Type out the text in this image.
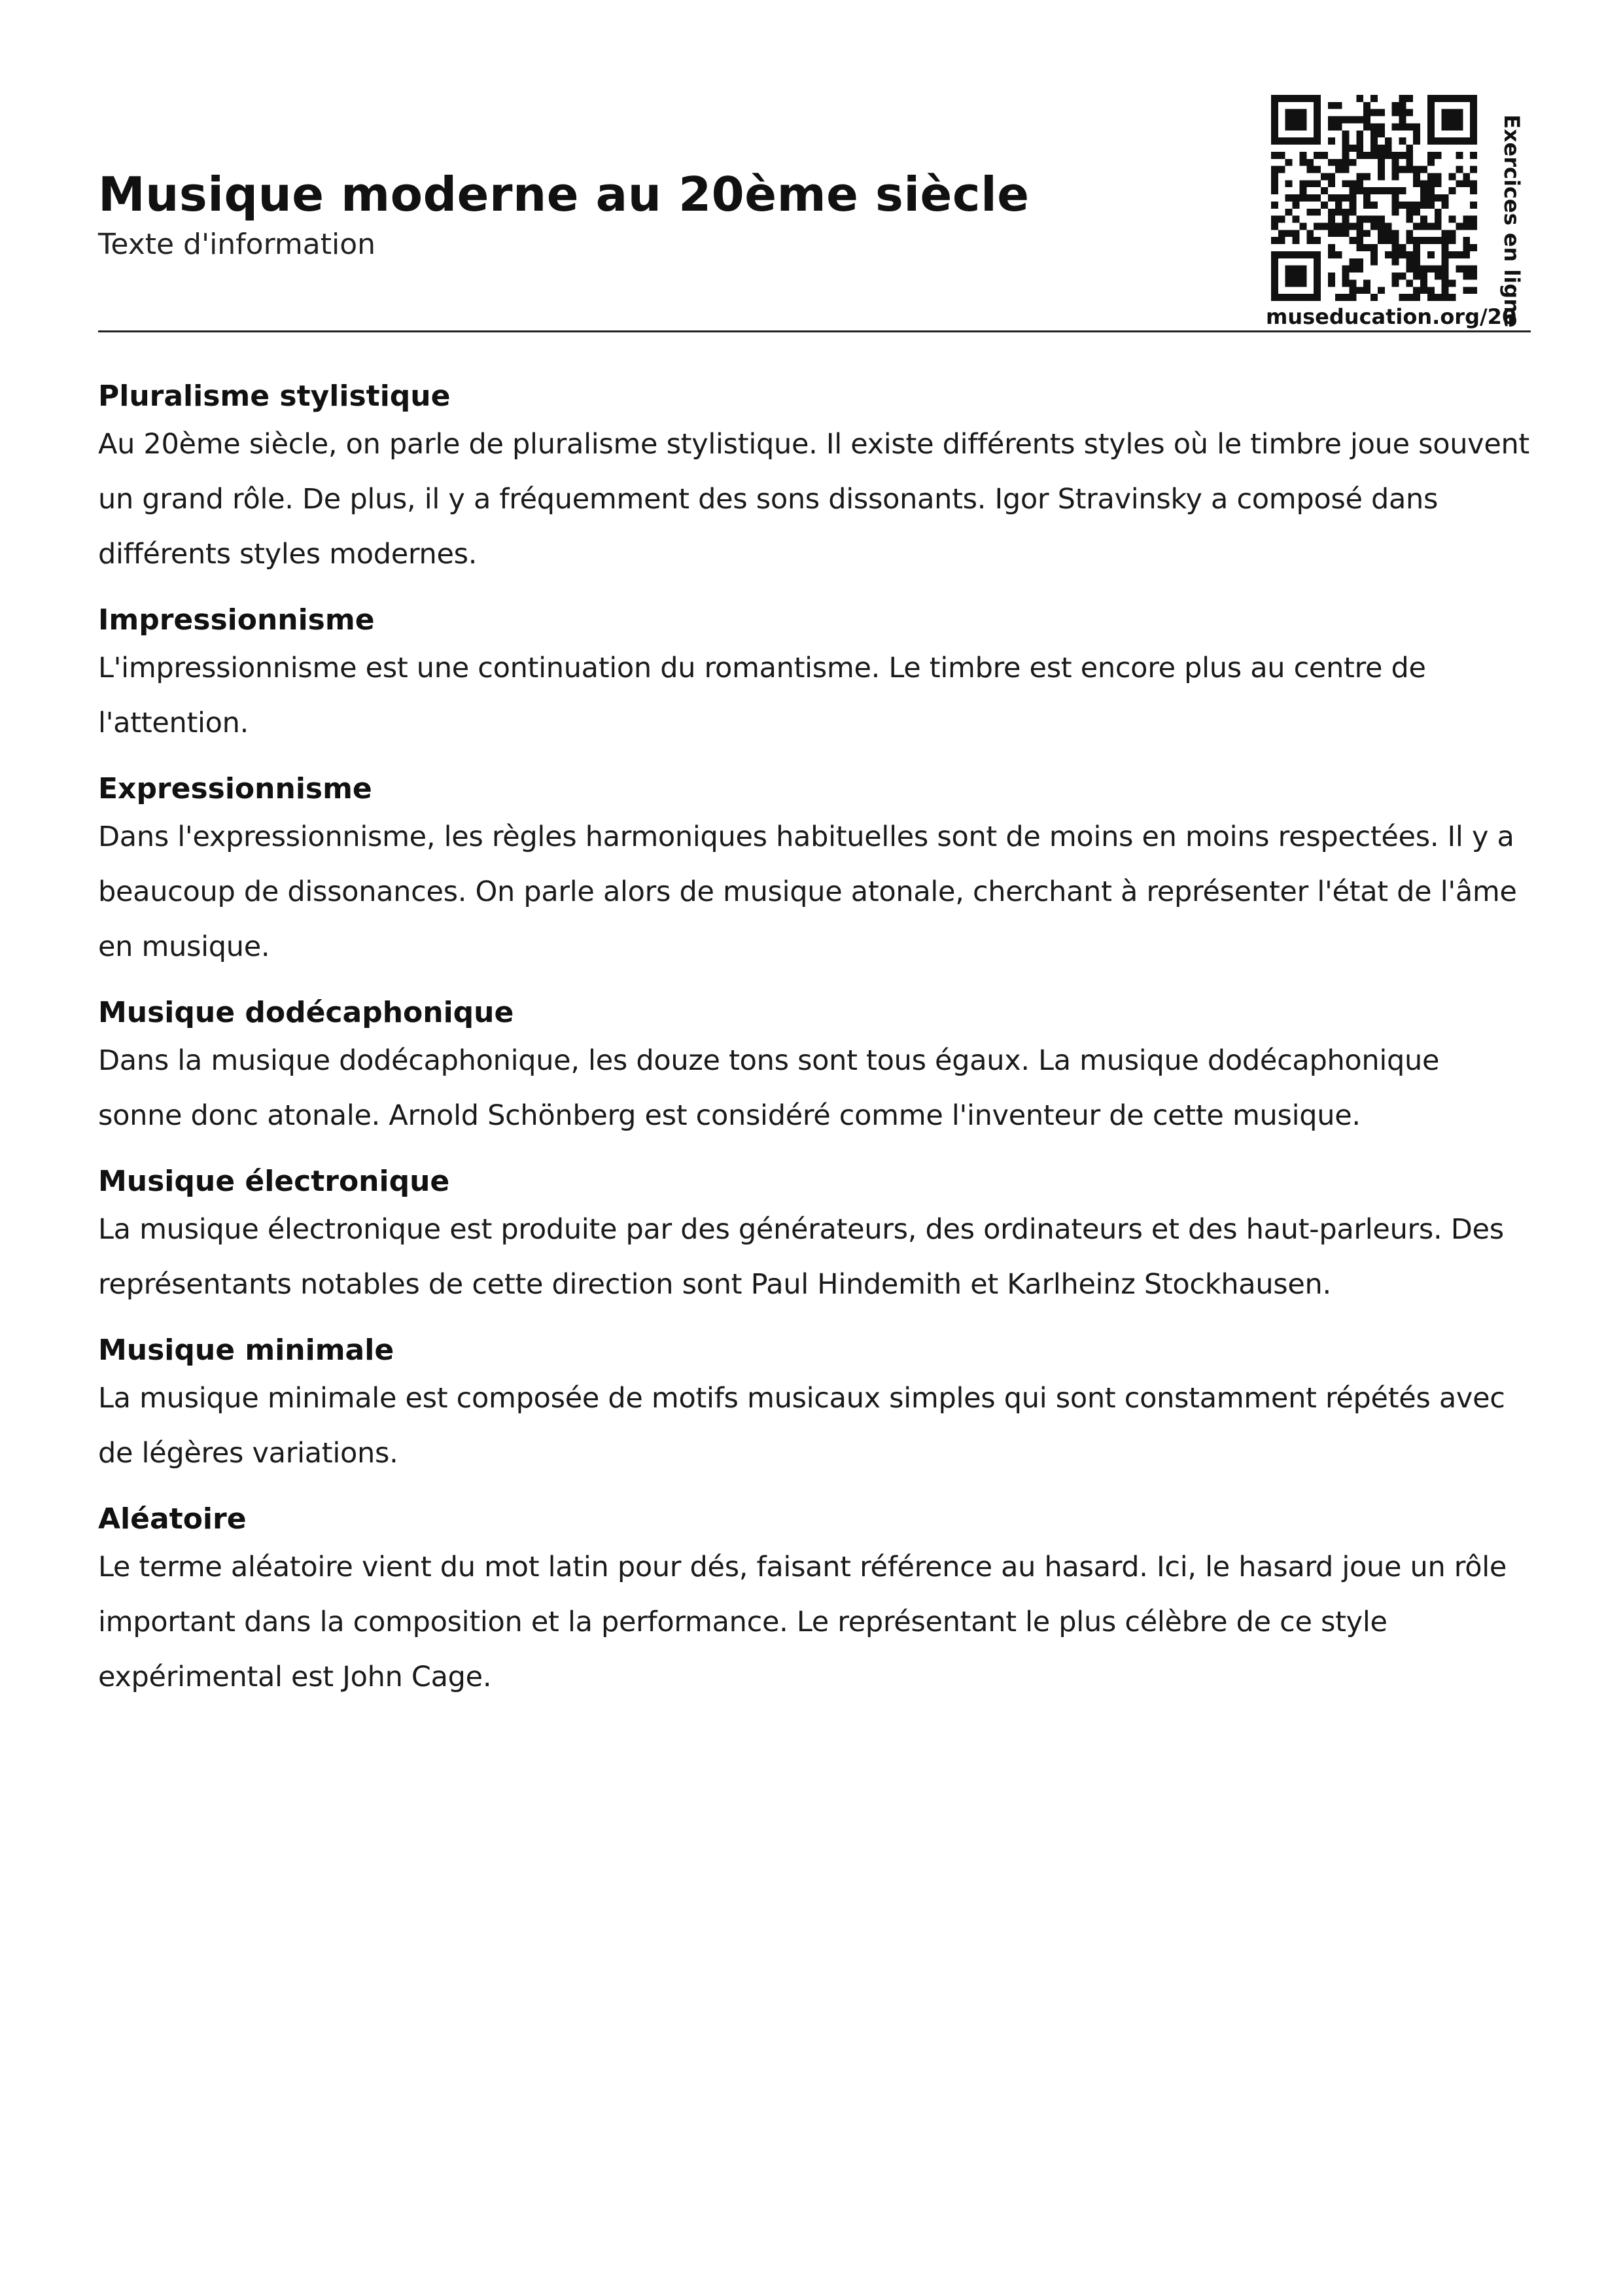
Musique moderne au 20ème siècle
Texte d'information
museducation.org/20
Exercices en ligne

Pluralisme stylistique

Au 20ème siècle, on parle de pluralisme stylistique. Il existe différents styles où le timbre joue souvent un grand rôle. De plus, il y a fréquemment des sons dissonants. Igor Stravinsky a composé dans différents styles modernes.

Impressionnisme

L'impressionnisme est une continuation du romantisme. Le timbre est encore plus au centre de l'attention.

Expressionnisme

Dans l'expressionnisme, les règles harmoniques habituelles sont de moins en moins respectées. Il y a beaucoup de dissonances. On parle alors de musique atonale, cherchant à représenter l'état de l'âme en musique.

Musique dodécaphonique

Dans la musique dodécaphonique, les douze tons sont tous égaux. La musique dodécaphonique sonne donc atonale. Arnold Schönberg est considéré comme l'inventeur de cette musique.

Musique électronique

La musique électronique est produite par des générateurs, des ordinateurs et des haut-parleurs. Des représentants notables de cette direction sont Paul Hindemith et Karlheinz Stockhausen.

Musique minimale

La musique minimale est composée de motifs musicaux simples qui sont constamment répétés avec de légères variations.

Aléatoire

Le terme aléatoire vient du mot latin pour dés, faisant référence au hasard. Ici, le hasard joue un rôle important dans la composition et la performance. Le représentant le plus célèbre de ce style expérimental est John Cage.
